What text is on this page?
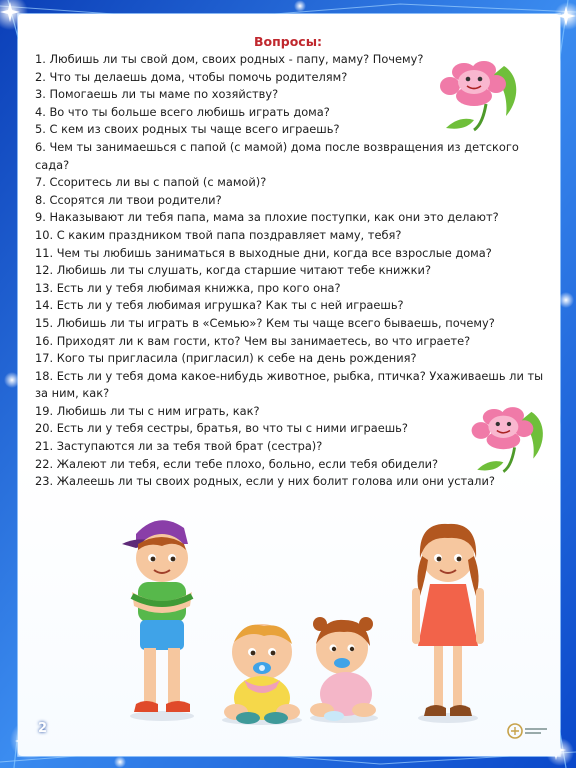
Вопросы:
1. Любишь ли ты свой дом, своих родных - папу, маму? Почему?
2. Что ты делаешь дома, чтобы помочь родителям?
3. Помогаешь ли ты маме по хозяйству?
4. Во что ты больше всего любишь играть дома?
5. С кем из своих родных ты чаще всего играешь?
6. Чем ты занимаешься с папой (с мамой) дома после возвращения из детского сада?
7. Ссоритесь ли вы с папой (с мамой)?
8. Ссорятся ли твои родители?
9. Наказывают ли тебя папа, мама за плохие поступки, как они это делают?
10. С каким праздником твой папа поздравляет маму, тебя?
11. Чем ты любишь заниматься в выходные дни, когда все взрослые дома?
12. Любишь ли ты слушать, когда старшие читают тебе книжки?
13. Есть ли у тебя любимая книжка, про кого она?
14. Есть ли у тебя любимая игрушка? Как ты с ней играешь?
15. Любишь ли ты играть в «Семью»? Кем ты чаще всего бываешь, почему?
16. Приходят ли к вам гости, кто? Чем вы занимаетесь, во что играете?
17. Кого ты пригласила (пригласил) к себе на день рождения?
18. Есть ли у тебя дома какое-нибудь животное, рыбка, птичка? Ухаживаешь ли ты за ним, как?
19. Любишь ли ты с ним играть, как?
20. Есть ли у тебя сестры, братья, во что ты с ними играешь?
21. Заступаются ли за тебя твой брат (сестра)?
22. Жалеют ли тебя, если тебе плохо, больно, если тебя обидели?
23. Жалеешь ли ты своих родных, если у них болит голова или они устали?
2
